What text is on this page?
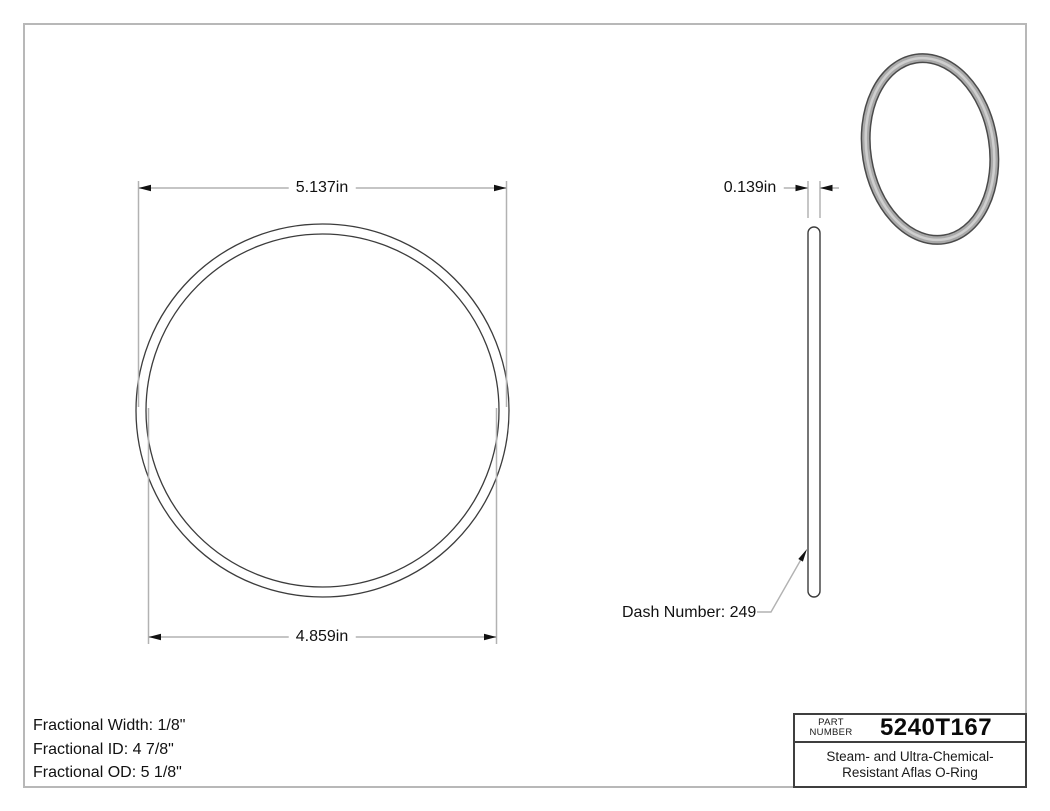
5.137in
4.859in
0.139in
Dash Number: 249
Fractional Width: 1/8"
Fractional ID: 4 7/8"
Fractional OD: 5 1/8"
PART
NUMBER	5240T167
Steam- and Ultra-Chemical-
Resistant Aflas O-Ring
